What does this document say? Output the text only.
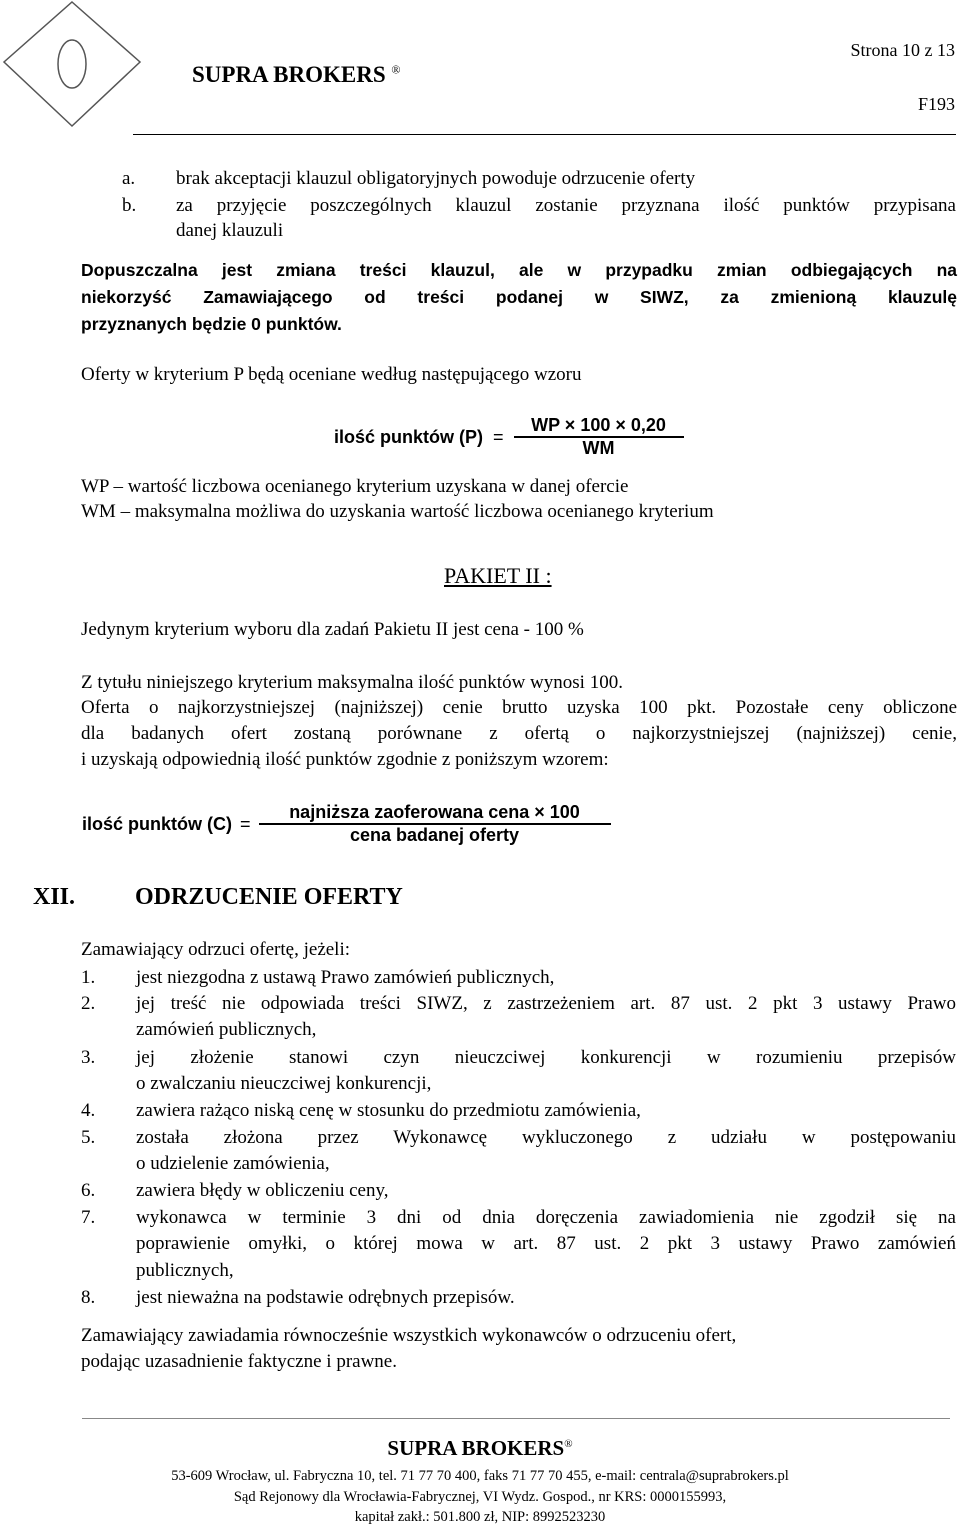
SUPRA BROKERS ®
Strona 10 z 13
F193
a. brak akceptacji klauzul obligatoryjnych powoduje odrzucenie oferty
b. za przyjęcie poszczególnych klauzul zostanie przyznana ilość punktów przypisana
danej klauzuli
Dopuszczalna jest zmiana treści klauzul, ale w przypadku zmian odbiegających na
niekorzyść Zamawiającego od treści podanej w SIWZ, za zmienioną klauzulę
przyznanych będzie 0 punktów.
Oferty w kryterium P będą oceniane według następującego wzoru
ilość punktów $(P) = \frac{WP \times 100 \times 0,20}{WM}$
WP – wartość liczbowa ocenianego kryterium uzyskana w danej ofercie
WM – maksymalna możliwa do uzyskania wartość liczbowa ocenianego kryterium
PAKIET II :
Jedynym kryterium wyboru dla zadań Pakietu II jest cena - 100 %
Z tytułu niniejszego kryterium maksymalna ilość punktów wynosi 100.
Oferta o najkorzystniejszej (najniższej) cenie brutto uzyska 100 pkt. Pozostałe ceny obliczone
dla badanych ofert zostaną porównane z ofertą o najkorzystniejszej (najniższej) cenie,
i uzyskają odpowiednią ilość punktów zgodnie z poniższym wzorem:
ilość punktów $(C) = \frac{\text{najniższa zaoferowana cena × 100}}{\text{cena badanej oferty}}$
XII. ODRZUCENIE OFERTY
Zamawiający odrzuci ofertę, jeżeli:
1. jest niezgodna z ustawą Prawo zamówień publicznych,
2. jej treść nie odpowiada treści SIWZ, z zastrzeżeniem art. 87 ust. 2 pkt 3 ustawy Prawo
zamówień publicznych,
3. jej złożenie stanowi czyn nieuczciwej konkurencji w rozumieniu przepisów
o zwalczaniu nieuczciwej konkurencji,
4. zawiera rażąco niską cenę w stosunku do przedmiotu zamówienia,
5. została złożona przez Wykonawcę wykluczonego z udziału w postępowaniu
o udzielenie zamówienia,
6. zawiera błędy w obliczeniu ceny,
7. wykonawca w terminie 3 dni od dnia doręczenia zawiadomienia nie zgodził się na
poprawienie omyłki, o której mowa w art. 87 ust. 2 pkt 3 ustawy Prawo zamówień
publicznych,
8. jest nieważna na podstawie odrębnych przepisów.
Zamawiający zawiadamia równocześnie wszystkich wykonawców o odrzuceniu ofert,
podając uzasadnienie faktyczne i prawne.
SUPRA BROKERS®
53-609 Wrocław, ul. Fabryczna 10, tel. 71 77 70 400, faks 71 77 70 455, e-mail: centrala@suprabrokers.pl
Sąd Rejonowy dla Wrocławia-Fabrycznej, VI Wydz. Gospod., nr KRS: 0000155993,
kapitał zakł.: 501.800 zł, NIP: 8992523230
